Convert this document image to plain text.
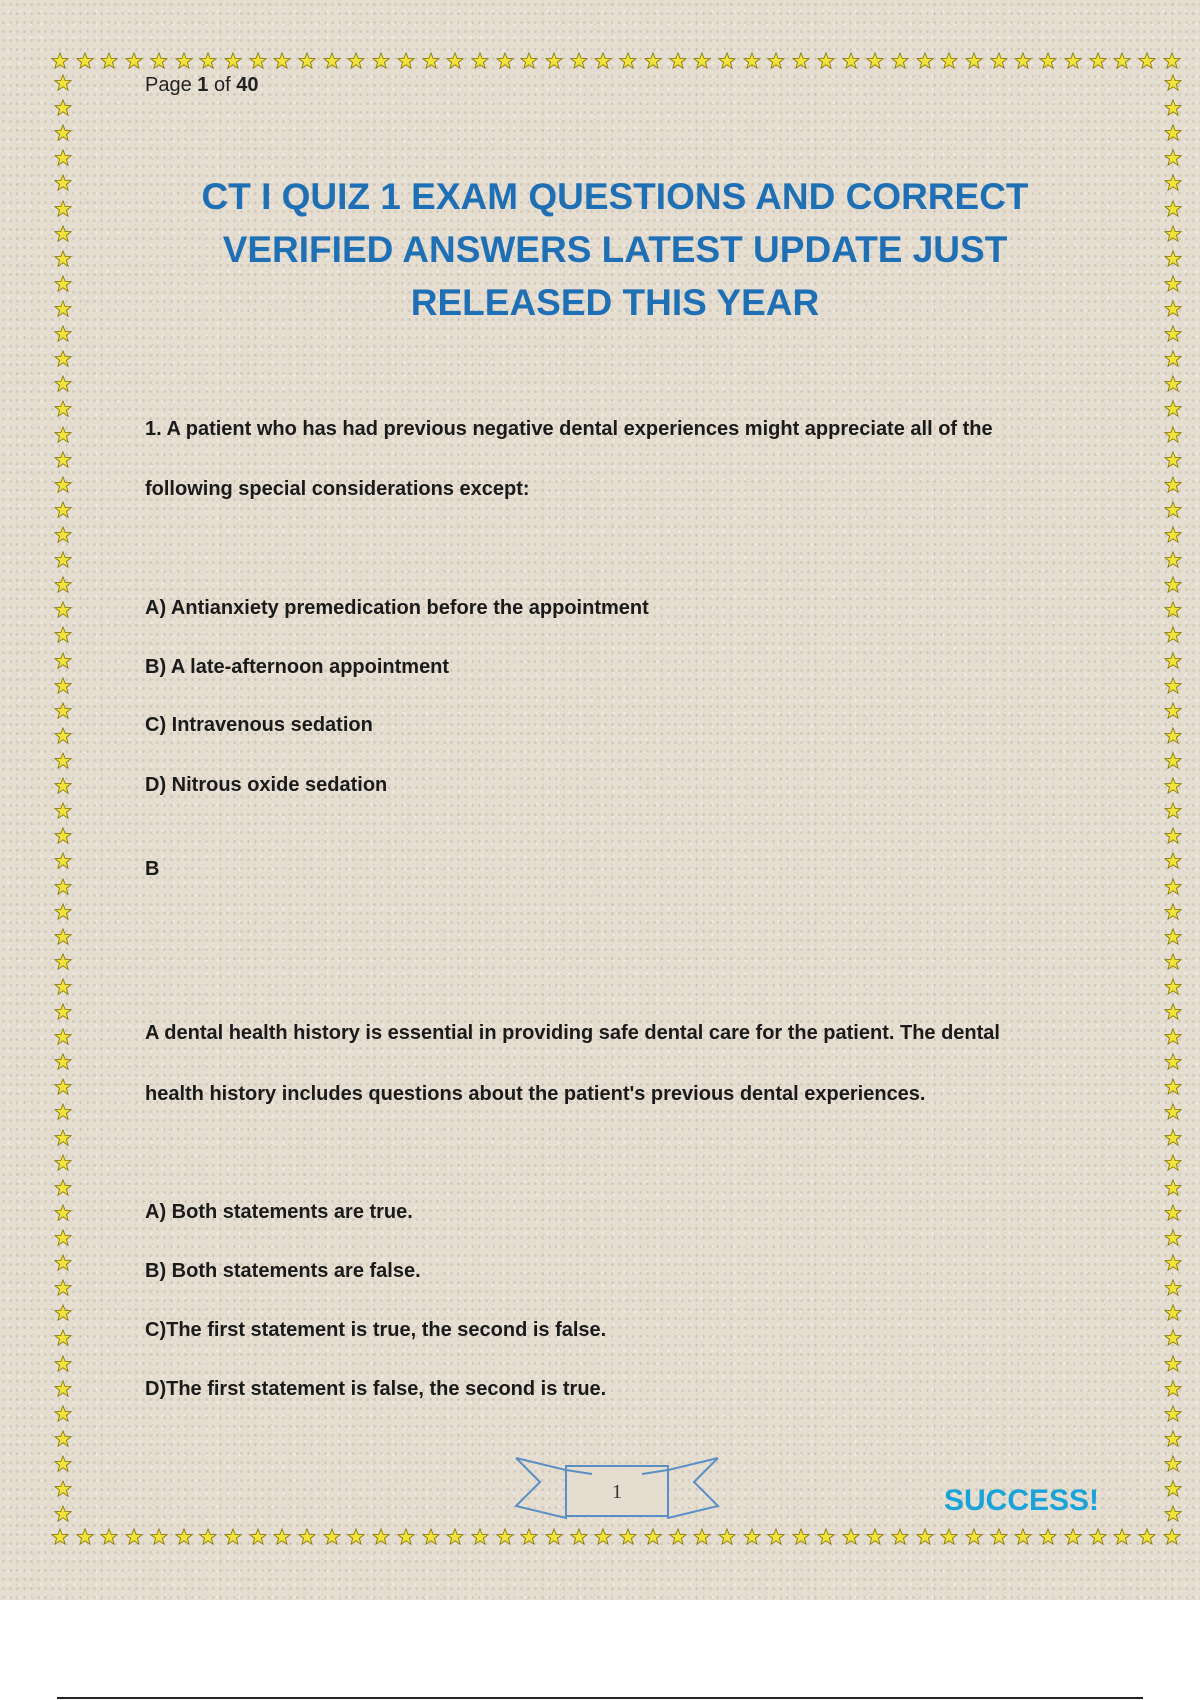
Page 1 of 40
CT I QUIZ 1 EXAM QUESTIONS AND CORRECT
VERIFIED ANSWERS LATEST UPDATE JUST
RELEASED THIS YEAR
1. A patient who has had previous negative dental experiences might appreciate all of the
following special considerations except:
A) Antianxiety premedication before the appointment
B) A late-afternoon appointment
C) Intravenous sedation
D) Nitrous oxide sedation
B
A dental health history is essential in providing safe dental care for the patient. The dental
health history includes questions about the patient's previous dental experiences.
A) Both statements are true.
B) Both statements are false.
C)The first statement is true, the second is false.
D)The first statement is false, the second is true.
1	SUCCESS!
